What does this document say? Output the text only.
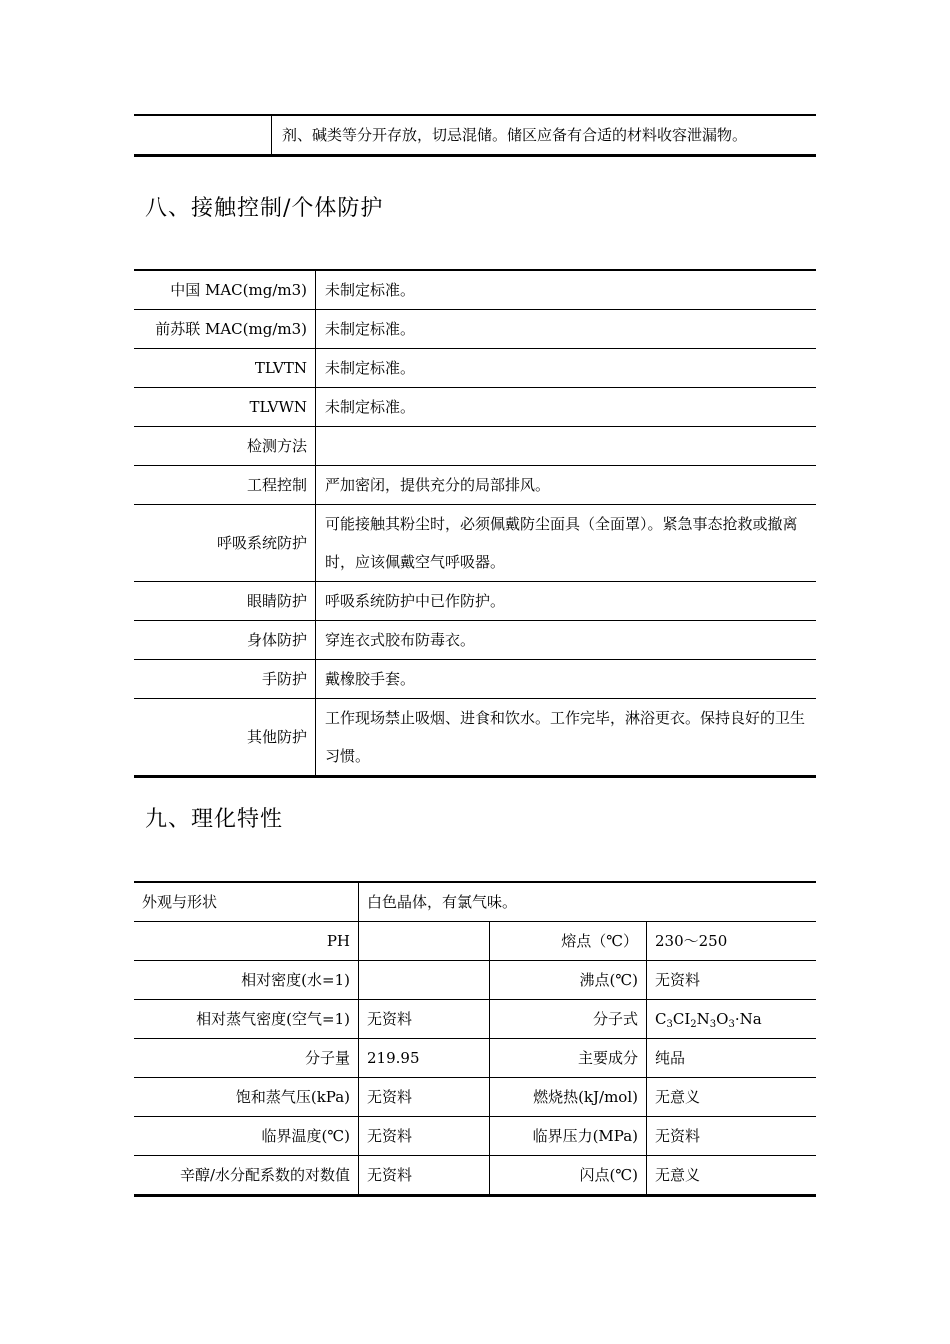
	剂、碱类等分开存放，切忌混储。储区应备有合适的材料收容泄漏物。
八、接触控制/个体防护
中国 MAC(mg/m3)	未制定标准。
前苏联 MAC(mg/m3)	未制定标准。
TLVTN	未制定标准。
TLVWN	未制定标准。
检测方法	
工程控制	严加密闭，提供充分的局部排风。
呼吸系统防护	可能接触其粉尘时，必须佩戴防尘面具（全面罩）。紧急事态抢救或撤离时，应该佩戴空气呼吸器。
眼睛防护	呼吸系统防护中已作防护。
身体防护	穿连衣式胶布防毒衣。
手防护	戴橡胶手套。
其他防护	工作现场禁止吸烟、进食和饮水。工作完毕，淋浴更衣。保持良好的卫生习惯。
九、理化特性
外观与形状	白色晶体，有氯气味。		
PH		熔点（℃）	230～250
相对密度(水=1)		沸点(℃)	无资料
相对蒸气密度(空气=1)	无资料	分子式	$C_3CI_2N_3O_3\cdot Na$
分子量	219.95	主要成分	纯品
饱和蒸气压(kPa)	无资料	燃烧热(kJ/mol)	无意义
临界温度(℃)	无资料	临界压力(MPa)	无资料
辛醇/水分配系数的对数值	无资料	闪点(℃)	无意义
